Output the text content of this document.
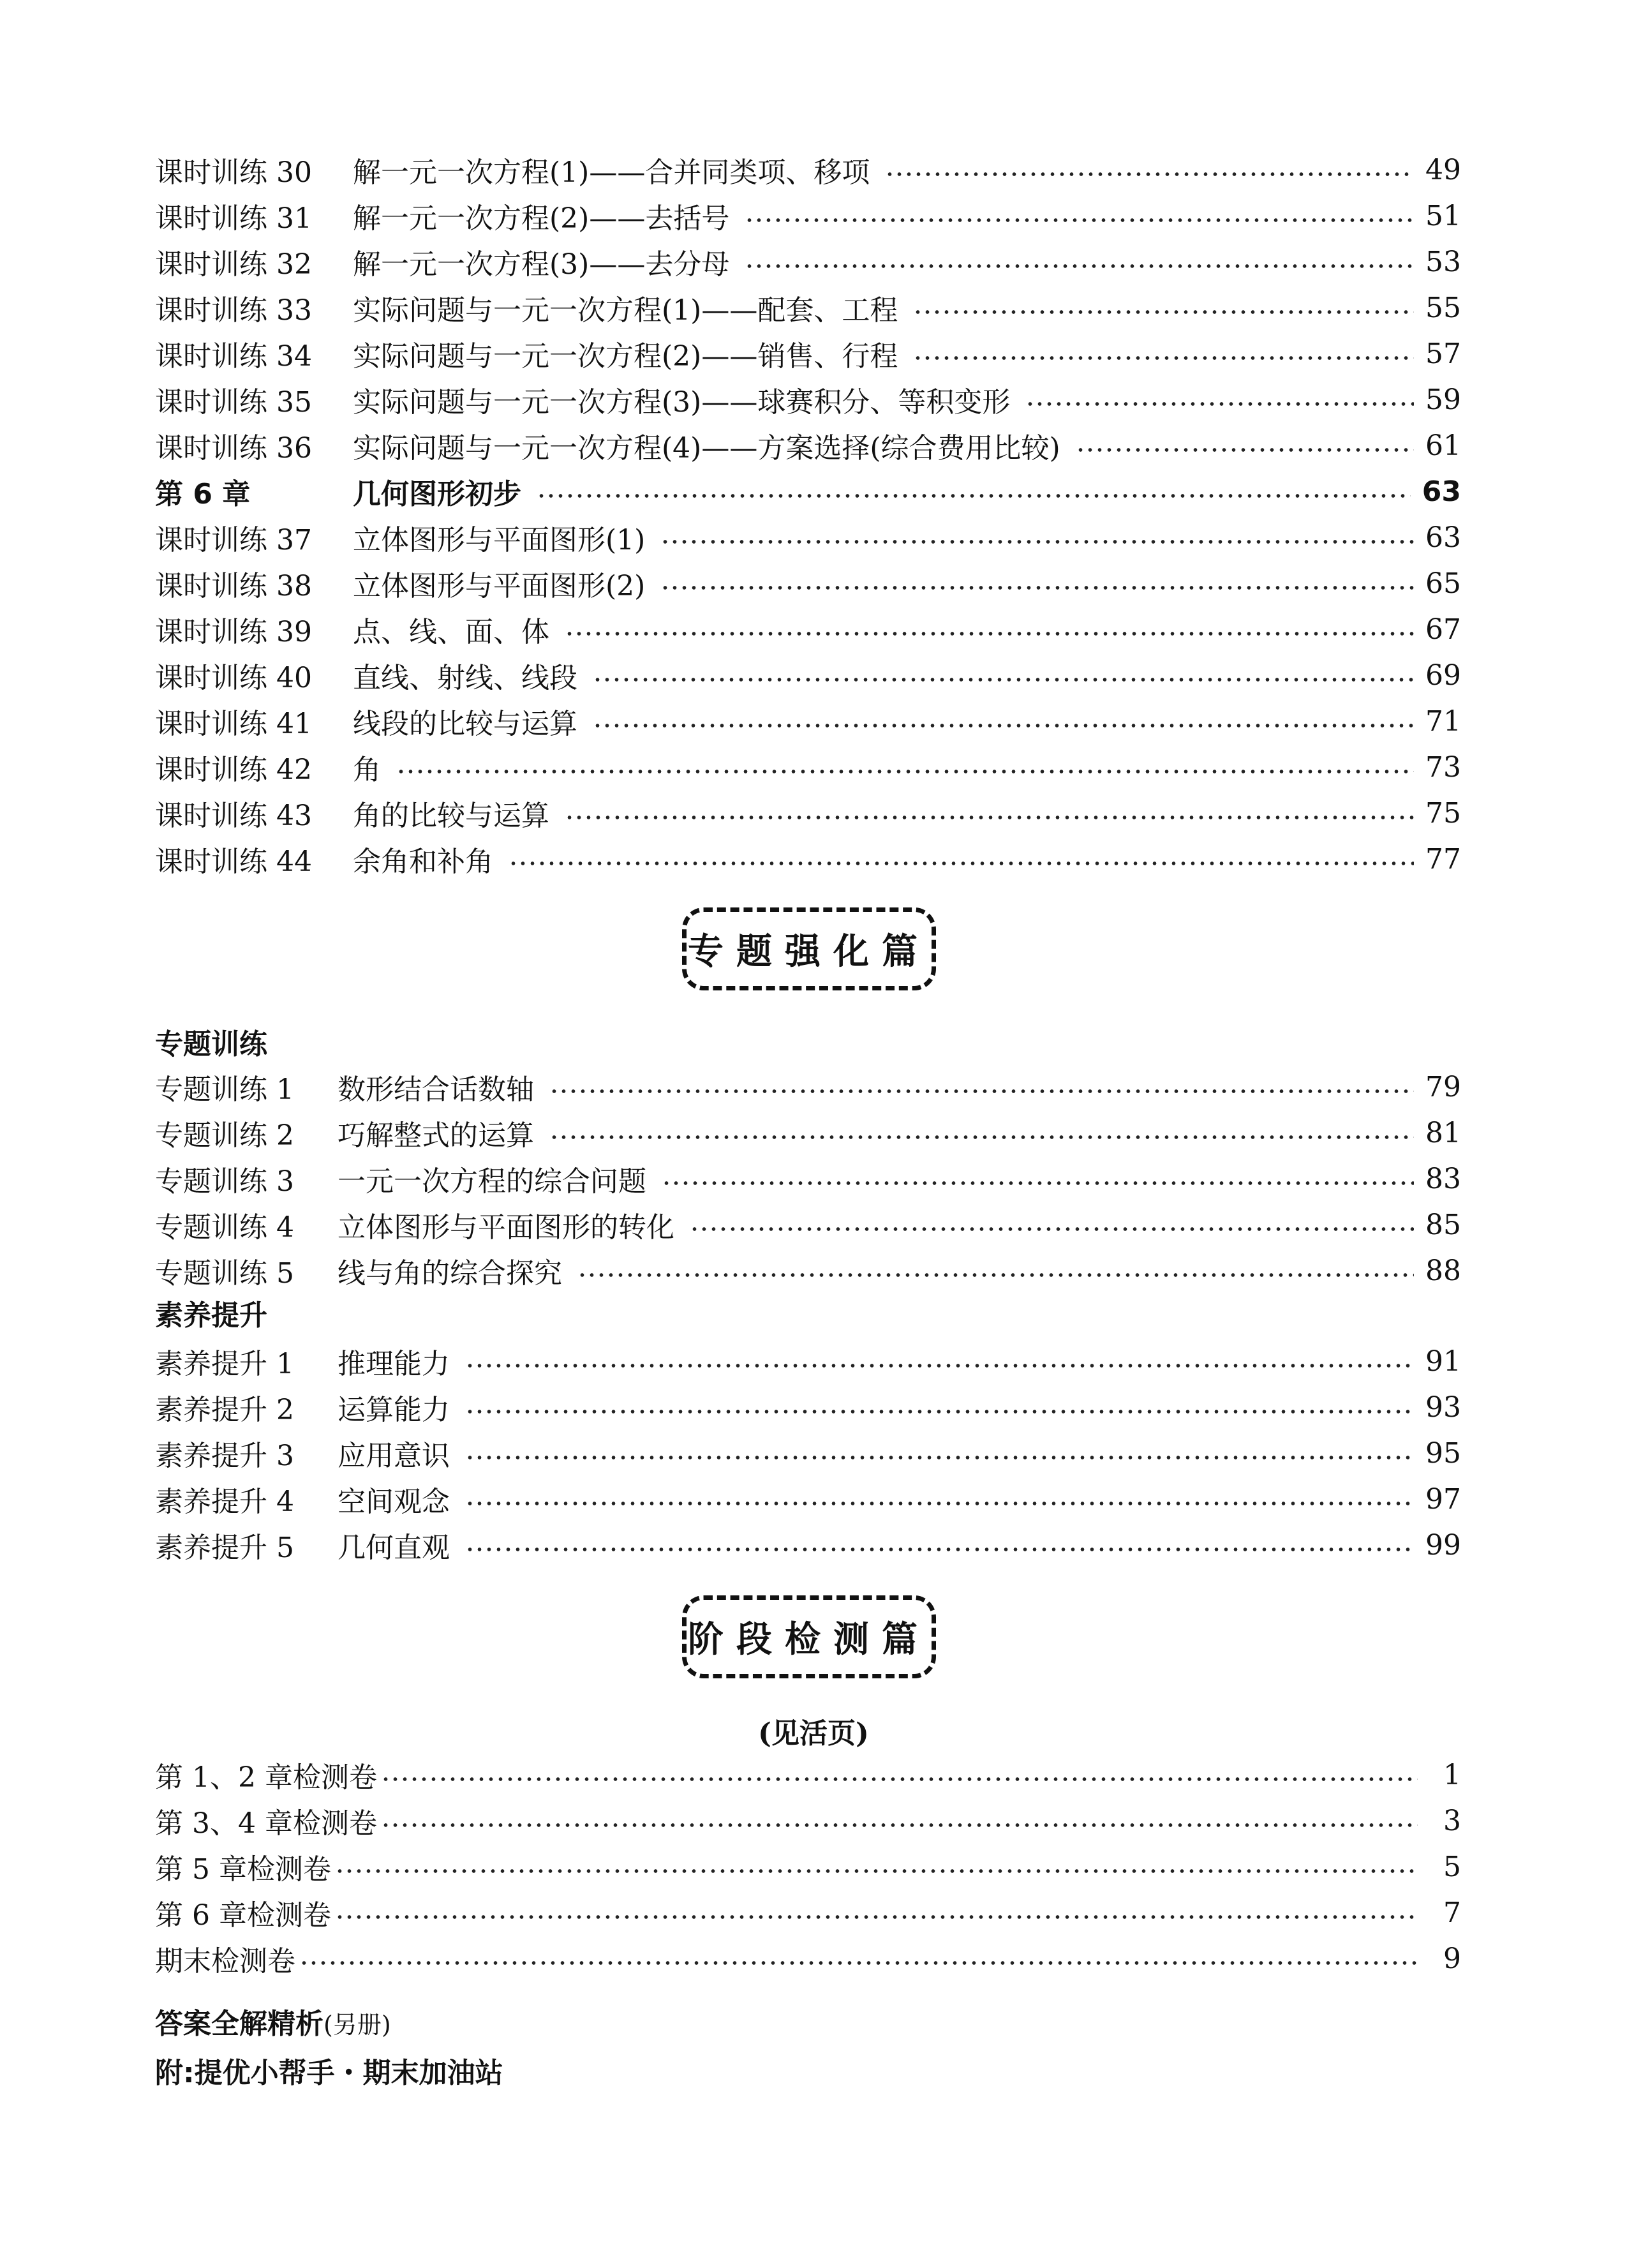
课时训练 30	解一元一次方程(1)——合并同类项、移项	49
课时训练 31	解一元一次方程(2)——去括号	51
课时训练 32	解一元一次方程(3)——去分母	53
课时训练 33	实际问题与一元一次方程(1)——配套、工程	55
课时训练 34	实际问题与一元一次方程(2)——销售、行程	57
课时训练 35	实际问题与一元一次方程(3)——球赛积分、等积变形	59
课时训练 36	实际问题与一元一次方程(4)——方案选择(综合费用比较)	61
第 6 章	几何图形初步	63
课时训练 37	立体图形与平面图形(1)	63
课时训练 38	立体图形与平面图形(2)	65
课时训练 39	点、线、面、体	67
课时训练 40	直线、射线、线段	69
课时训练 41	线段的比较与运算	71
课时训练 42	角	73
课时训练 43	角的比较与运算	75
课时训练 44	余角和补角	77
专题强化篇
专题训练
专题训练 1	数形结合话数轴	79
专题训练 2	巧解整式的运算	81
专题训练 3	一元一次方程的综合问题	83
专题训练 4	立体图形与平面图形的转化	85
专题训练 5	线与角的综合探究	88
素养提升
素养提升 1	推理能力	91
素养提升 2	运算能力	93
素养提升 3	应用意识	95
素养提升 4	空间观念	97
素养提升 5	几何直观	99
阶段检测篇
(见活页)
第 1、2 章检测卷	1
第 3、4 章检测卷	3
第 5 章检测卷	5
第 6 章检测卷	7
期末检测卷	9
答案全解精析(另册)
附:提优小帮手・期末加油站
